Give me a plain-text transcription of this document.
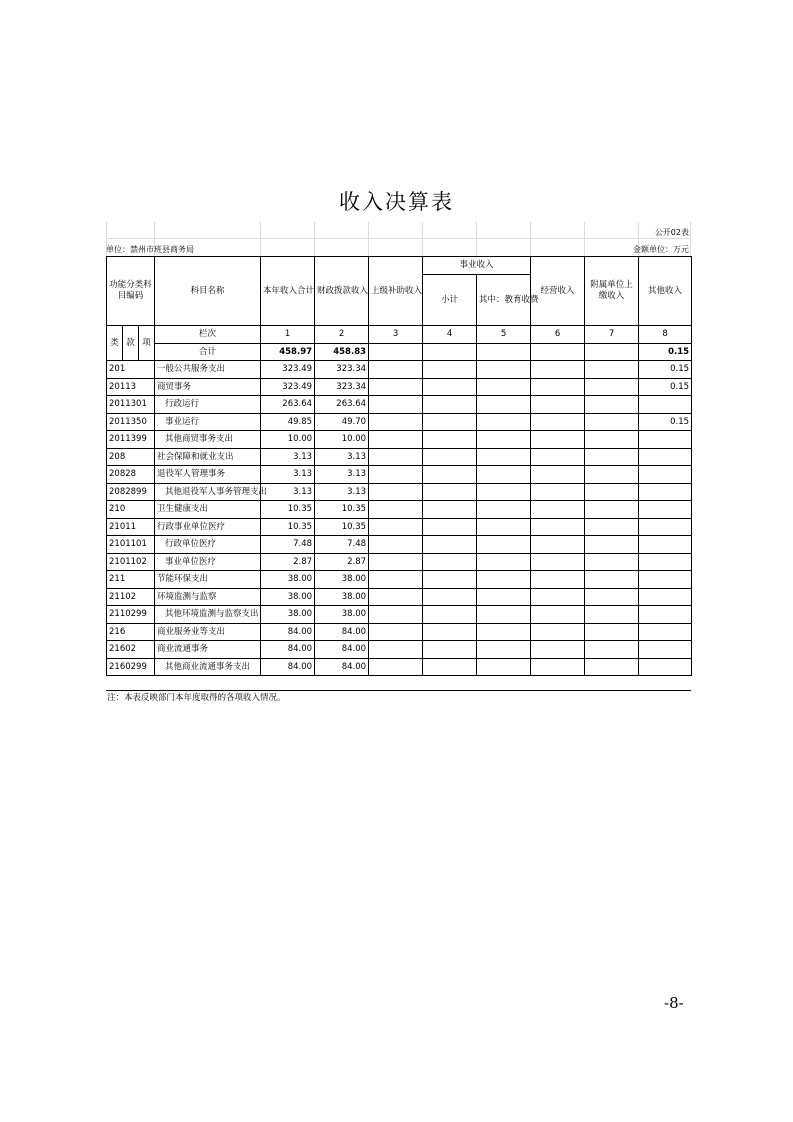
收入决算表
公开02表
单位：禁州市班县商务局	金额单位：万元
功能分类科目编码			科目名称	本年收入合计	财政拨款收入	上级补助收入	事业收入		经营收入	附属单位上缴收入	其他收入
							小计	其中：教育收费			
类	款	项	栏次	1	2	3	4	5	6	7	8
			合计	458.97	458.83						0.15
201			一般公共服务支出	323.49	323.34						0.15
20113			商贸事务	323.49	323.34						0.15
2011301			行政运行	263.64	263.64						
2011350			事业运行	49.85	49.70						0.15
2011399			其他商贸事务支出	10.00	10.00						
208			社会保障和就业支出	3.13	3.13						
20828			退役军人管理事务	3.13	3.13						
2082899			其他退役军人事务管理支出	3.13	3.13						
210			卫生健康支出	10.35	10.35						
21011			行政事业单位医疗	10.35	10.35						
2101101			行政单位医疗	7.48	7.48						
2101102			事业单位医疗	2.87	2.87						
211			节能环保支出	38.00	38.00						
21102			环境监测与监察	38.00	38.00						
2110299			其他环境监测与监察支出	38.00	38.00						
216			商业服务业等支出	84.00	84.00						
21602			商业流通事务	84.00	84.00						
2160299			其他商业流通事务支出	84.00	84.00						
注：本表反映部门本年度取得的各项收入情况。
-8-
